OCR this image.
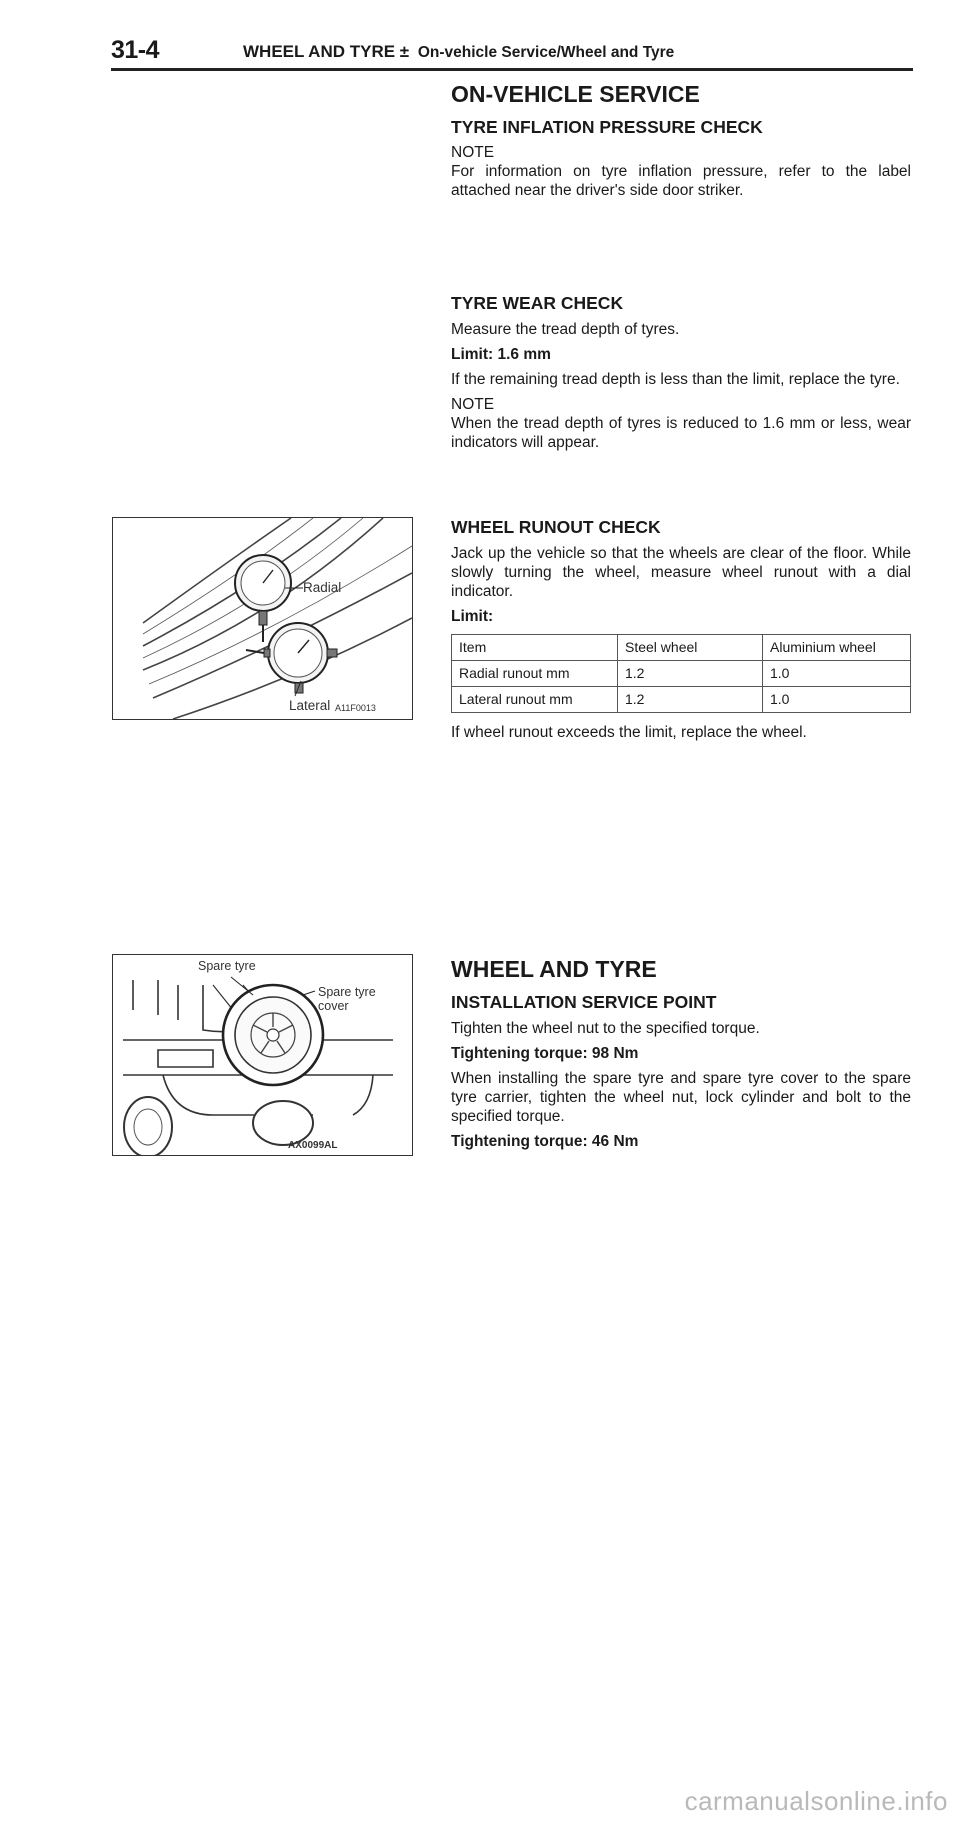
31-4	WHEEL AND TYRE ± On-vehicle Service/Wheel and Tyre
ON-VEHICLE SERVICE
TYRE INFLATION PRESSURE CHECK

NOTE

For information on tyre inflation pressure, refer to the label attached near the driver's side door striker.

TYRE WEAR CHECK

Measure the tread depth of tyres.

Limit: 1.6 mm

If the remaining tread depth is less than the limit, replace the tyre.

NOTE

When the tread depth of tyres is reduced to 1.6 mm or less, wear indicators will appear.

WHEEL RUNOUT CHECK

Jack up the vehicle so that the wheels are clear of the floor. While slowly turning the wheel, measure wheel runout with a dial indicator.

Limit:

Item	Steel wheel	Aluminium wheel
Radial runout mm	1.2	1.0
Lateral runout mm	1.2	1.0

If wheel runout exceeds the limit, replace the wheel.

WHEEL AND TYRE
INSTALLATION SERVICE POINT

Tighten the wheel nut to the specified torque.

Tightening torque: 98 Nm

When installing the spare tyre and spare tyre cover to the spare tyre carrier, tighten the wheel nut, lock cylinder and bolt to the specified torque.

Tightening torque: 46 Nm

Radial
Lateral A11F0013
Spare tyre
Spare tyre
cover
AX0099AL
carmanualsonline.info
